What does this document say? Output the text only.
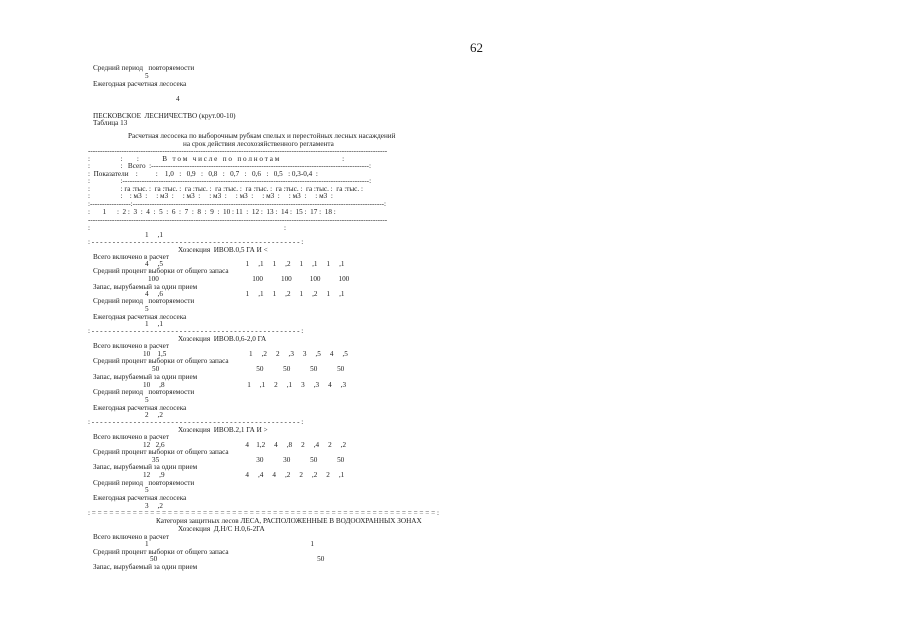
62
Средний период   повторяемости
5
Ежегодная расчетная лесосека
4
ПЕСКОВСКОЕ  ЛЕСНИЧЕСТВО (крут.00-10)
Таблица 13
Расчетная лесосека по выборочным рубкам спелых и перестойных лесных насаждений
на срок действия лесохозяйственного регламента
-----------------------------------------------------------------------------------------------------------------------------
:                 :        :             В   т о м   ч и с л е   п о   п о л н о т а м                                   :
:                 :   Всего  :-------------------------------------------------------------------------------------------:
:  Показатели    :          :    1,0   :   0,9   :   0,8   :   0,7   :   0,6   :   0,5   : 0,3-0,4  :
:                 :-------------------------------------------------------------------------------------------------------:
:                 : га :тыс. :  га :тыс. :  га :тыс. :  га :тыс. :  га :тыс. :  га :тыс. :  га :тыс. :  га :тыс. :
:                 :    : м3  :     : м3  :     : м3  :     : м3  :     : м3  :     : м3  :     : м3  :     : м3  :
:-----------------:---------------------------------------------------------------------------------------------------------:
:       1      :  2 :  3  :  4  :  5  :  6  :  7  :  8  :  9  :  10 : 11  :  12 :  13 :  14 :  15 :  17 :  18 :
-----------------------------------------------------------------------------------------------------------------------------
:                                                                                                            :
1     ,1
: - - - - - - - - - - - - - - - - - - - - - - - - - - - - - - - - - - - - - - - - - - - - - - - - - - :
Хозсекция  ИВОВ.0,5 ГА И <
Всего включено в расчет
4     ,5                                              1     ,1     1     ,2     1     ,1     1     ,1
Средний процент выборки от общего запаса
100                                                    100          100          100          100
Запас, вырубаемый за один прием
4     ,6                                              1     ,1     1     ,2     1     ,2     1     ,1
Средний период   повторяемости
5
Ежегодная расчетная лесосека
1     ,1
: - - - - - - - - - - - - - - - - - - - - - - - - - - - - - - - - - - - - - - - - - - - - - - - - - - :
Хозсекция  ИВОВ.0,6-2,0 ГА
Всего включено в расчет
10    1,5                                              1     ,2     2     ,3     3     ,5     4     ,5
Средний процент выборки от общего запаса
50                                                      50           50           50           50
Запас, вырубаемый за один прием
10     ,8                                              1     ,1     2     ,1     3     ,3     4     ,3
Средний период   повторяемости
5
Ежегодная расчетная лесосека
2     ,2
: - - - - - - - - - - - - - - - - - - - - - - - - - - - - - - - - - - - - - - - - - - - - - - - - - - :
Хозсекция  ИВОВ.2,1 ГА И >
Всего включено в расчет
12   2,6                                             4    1,2     4     ,8     2     ,4     2     ,2
Средний процент выборки от общего запаса
35                                                      30           30           50           50
Запас, вырубаемый за один прием
12     ,9                                             4     ,4     4     ,2     2     ,2     2     ,1
Средний период   повторяемости
5
Ежегодная расчетная лесосека
3     ,2
: = = = = = = = = = = = = = = = = = = = = = = = = = = = = = = = = = = = = = = = = = = = = = = = = = = = = = = = = = = = :
Категория защитных лесов ЛЕСА, РАСПОЛОЖЕННЫЕ В ВОДООХРАННЫХ ЗОНАХ
Хозсекция  Д.Н/С Н.0,6-2ГА
Всего включено в расчет
1                                                                                          1
Средний процент выборки от общего запаса
50                                                                                         50
Запас, вырубаемый за один прием
